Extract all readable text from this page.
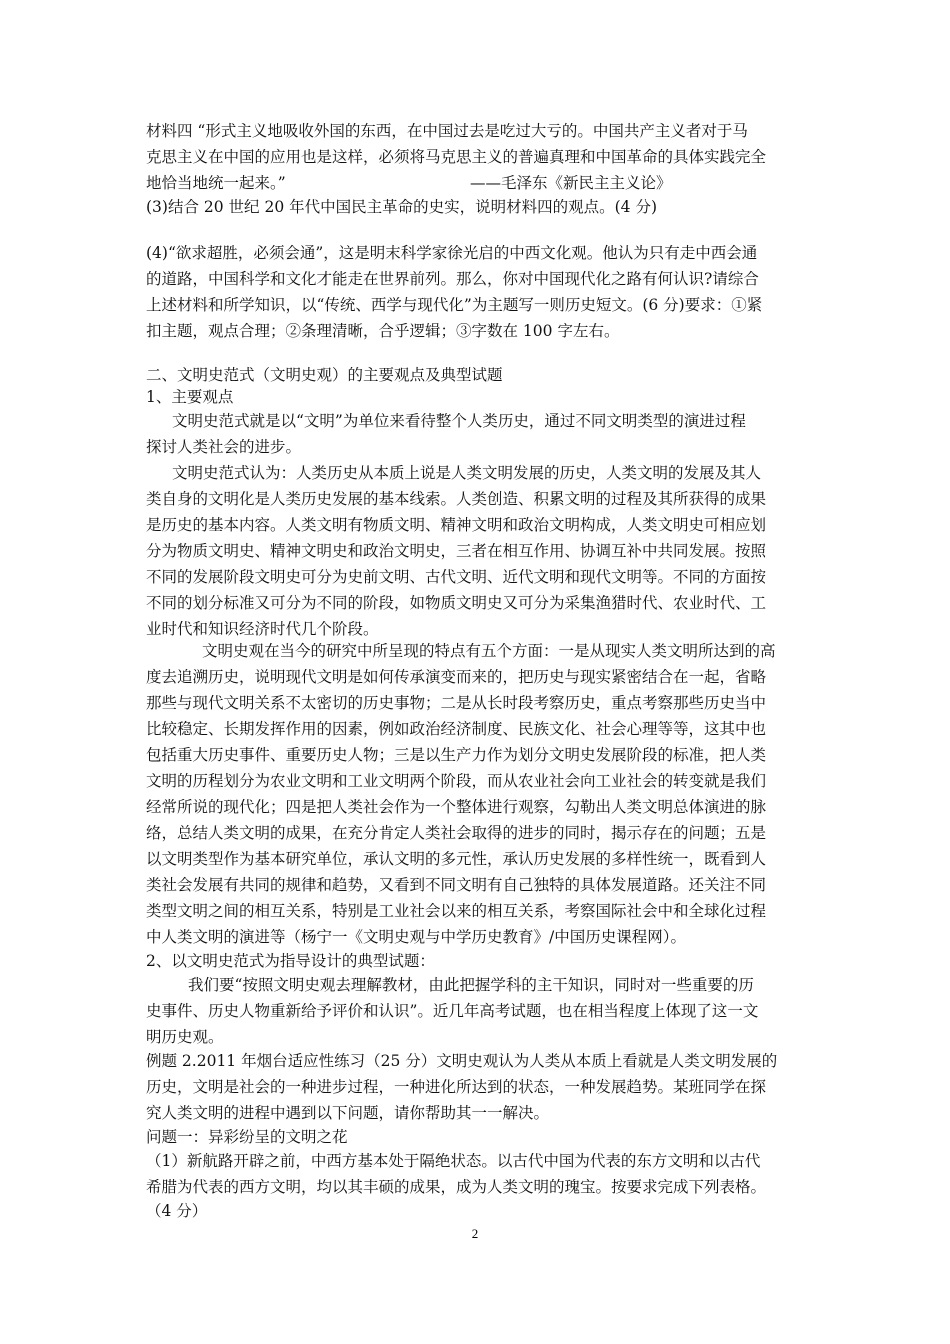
材料四 “形式主义地吸收外国的东西，在中国过去是吃过大亏的。中国共产主义者对于马
克思主义在中国的应用也是这样，必须将马克思主义的普遍真理和中国革命的具体实践完全
地恰当地统一起来。”	——毛泽东《新民主主义论》
(3)结合 20 世纪 20 年代中国民主革命的史实，说明材料四的观点。(4 分)
(4)“欲求超胜，必须会通”，这是明末科学家徐光启的中西文化观。他认为只有走中西会通
的道路，中国科学和文化才能走在世界前列。那么，你对中国现代化之路有何认识?请综合
上述材料和所学知识，以“传统、西学与现代化”为主题写一则历史短文。(6 分)要求：①紧
扣主题，观点合理；②条理清晰，合乎逻辑；③字数在 100 字左右。
二、文明史范式（文明史观）的主要观点及典型试题
1、主要观点
文明史范式就是以“文明”为单位来看待整个人类历史，通过不同文明类型的演进过程
探讨人类社会的进步。
文明史范式认为：人类历史从本质上说是人类文明发展的历史，人类文明的发展及其人
类自身的文明化是人类历史发展的基本线索。人类创造、积累文明的过程及其所获得的成果
是历史的基本内容。人类文明有物质文明、精神文明和政治文明构成，人类文明史可相应划
分为物质文明史、精神文明史和政治文明史，三者在相互作用、协调互补中共同发展。按照
不同的发展阶段文明史可分为史前文明、古代文明、近代文明和现代文明等。不同的方面按
不同的划分标准又可分为不同的阶段，如物质文明史又可分为采集渔猎时代、农业时代、工
业时代和知识经济时代几个阶段。
文明史观在当今的研究中所呈现的特点有五个方面：一是从现实人类文明所达到的高
度去追溯历史，说明现代文明是如何传承演变而来的，把历史与现实紧密结合在一起，省略
那些与现代文明关系不太密切的历史事物；二是从长时段考察历史，重点考察那些历史当中
比较稳定、长期发挥作用的因素，例如政治经济制度、民族文化、社会心理等等，这其中也
包括重大历史事件、重要历史人物；三是以生产力作为划分文明史发展阶段的标准，把人类
文明的历程划分为农业文明和工业文明两个阶段，而从农业社会向工业社会的转变就是我们
经常所说的现代化；四是把人类社会作为一个整体进行观察，勾勒出人类文明总体演进的脉
络，总结人类文明的成果，在充分肯定人类社会取得的进步的同时，揭示存在的问题；五是
以文明类型作为基本研究单位，承认文明的多元性，承认历史发展的多样性统一，既看到人
类社会发展有共同的规律和趋势，又看到不同文明有自己独特的具体发展道路。还关注不同
类型文明之间的相互关系，特别是工业社会以来的相互关系，考察国际社会中和全球化过程
中人类文明的演进等（杨宁一《文明史观与中学历史教育》/中国历史课程网）。
2、以文明史范式为指导设计的典型试题：
我们要“按照文明史观去理解教材，由此把握学科的主干知识，同时对一些重要的历
史事件、历史人物重新给予评价和认识”。近几年高考试题，也在相当程度上体现了这一文
明历史观。
例题 2.2011 年烟台适应性练习（25 分）文明史观认为人类从本质上看就是人类文明发展的
历史，文明是社会的一种进步过程，一种进化所达到的状态，一种发展趋势。某班同学在探
究人类文明的进程中遇到以下问题，请你帮助其一一解决。
问题一：异彩纷呈的文明之花
（1）新航路开辟之前，中西方基本处于隔绝状态。以古代中国为代表的东方文明和以古代
希腊为代表的西方文明，均以其丰硕的成果，成为人类文明的瑰宝。按要求完成下列表格。
（4 分）
2
